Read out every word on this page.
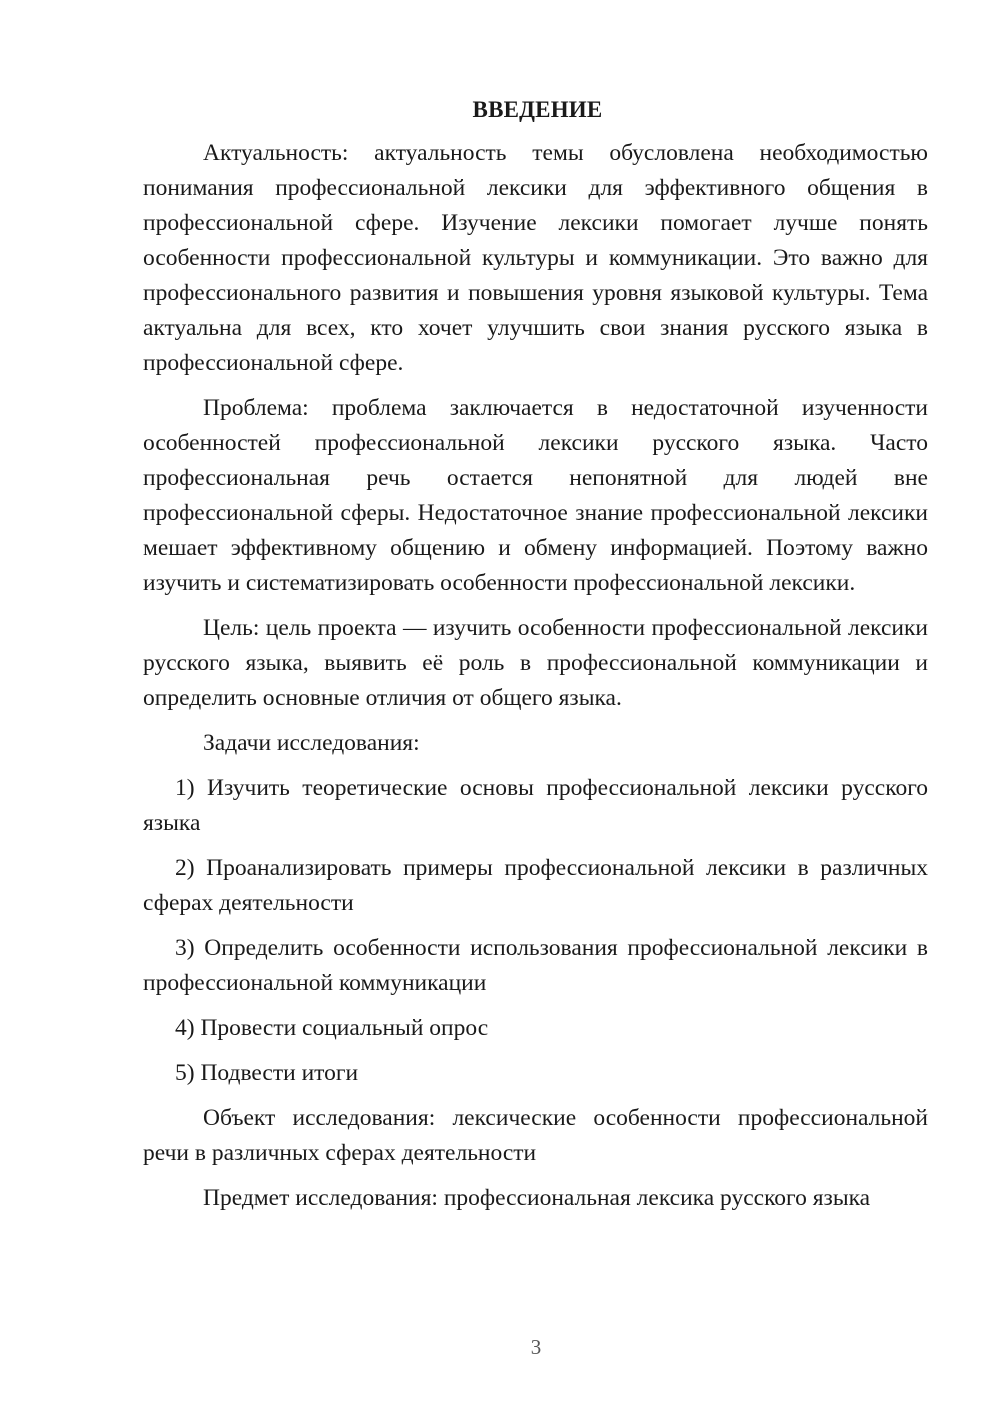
ВВЕДЕНИЕ

Актуальность: актуальность темы обусловлена необходимостью понимания профессиональной лексики для эффективного общения в профессиональной сфере. Изучение лексики помогает лучше понять особенности профессиональной культуры и коммуникации. Это важно для профессионального развития и повышения уровня языковой культуры. Тема актуальна для всех, кто хочет улучшить свои знания русского языка в профессиональной сфере.

Проблема: проблема заключается в недостаточной изученности особенностей профессиональной лексики русского языка. Часто профессиональная речь остается непонятной для людей вне профессиональной сферы. Недостаточное знание профессиональной лексики мешает эффективному общению и обмену информацией. Поэтому важно изучить и систематизировать особенности профессиональной лексики.

Цель: цель проекта — изучить особенности профессиональной лексики русского языка, выявить её роль в профессиональной коммуникации и определить основные отличия от общего языка.

Задачи исследования:

1) Изучить теоретические основы профессиональной лексики русского языка

2) Проанализировать примеры профессиональной лексики в различных сферах деятельности

3) Определить особенности использования профессиональной лексики в профессиональной коммуникации

4) Провести социальный опрос

5) Подвести итоги

Объект исследования: лексические особенности профессиональной речи в различных сферах деятельности

Предмет исследования: профессиональная лексика русского языка

3
